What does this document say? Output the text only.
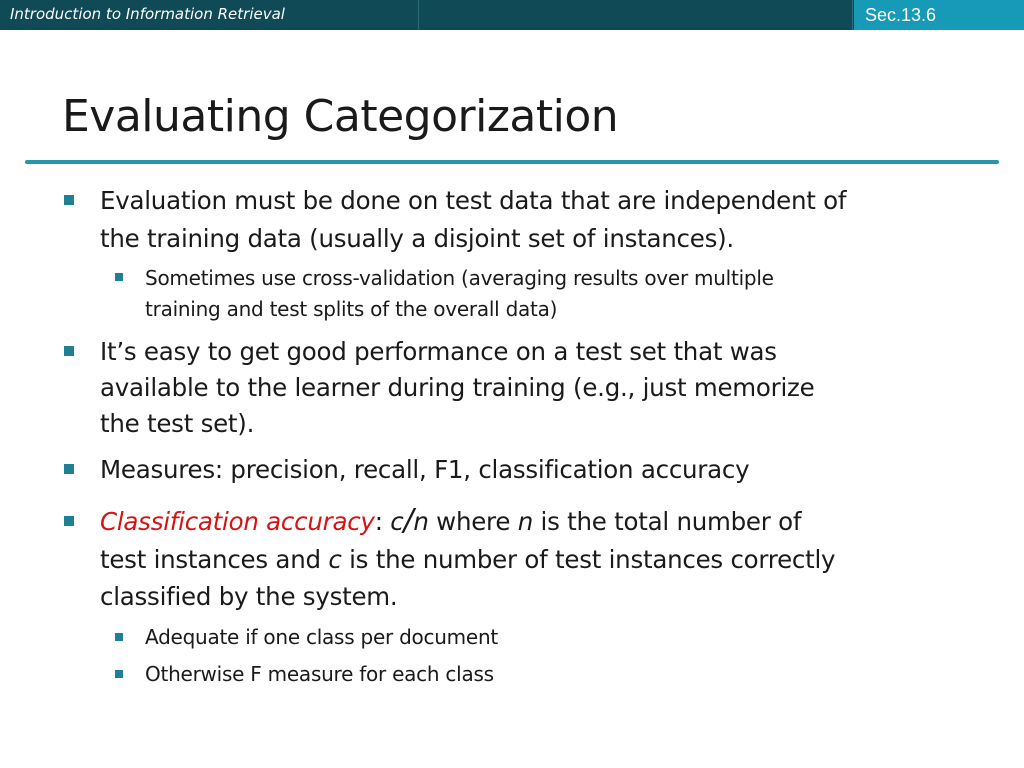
Introduction to Information Retrieval	Sec.13.6
Evaluating Categorization
Evaluation must be done on test data that are independent of
the training data (usually a disjoint set of instances).
Sometimes use cross-validation (averaging results over multiple
training and test splits of the overall data)
It’s easy to get good performance on a test set that was
available to the learner during training (e.g., just memorize
the test set).
Measures: precision, recall, F1, classification accuracy
Classification accuracy: c/n where n is the total number of
test instances and c is the number of test instances correctly
classified by the system.
Adequate if one class per document
Otherwise F measure for each class
